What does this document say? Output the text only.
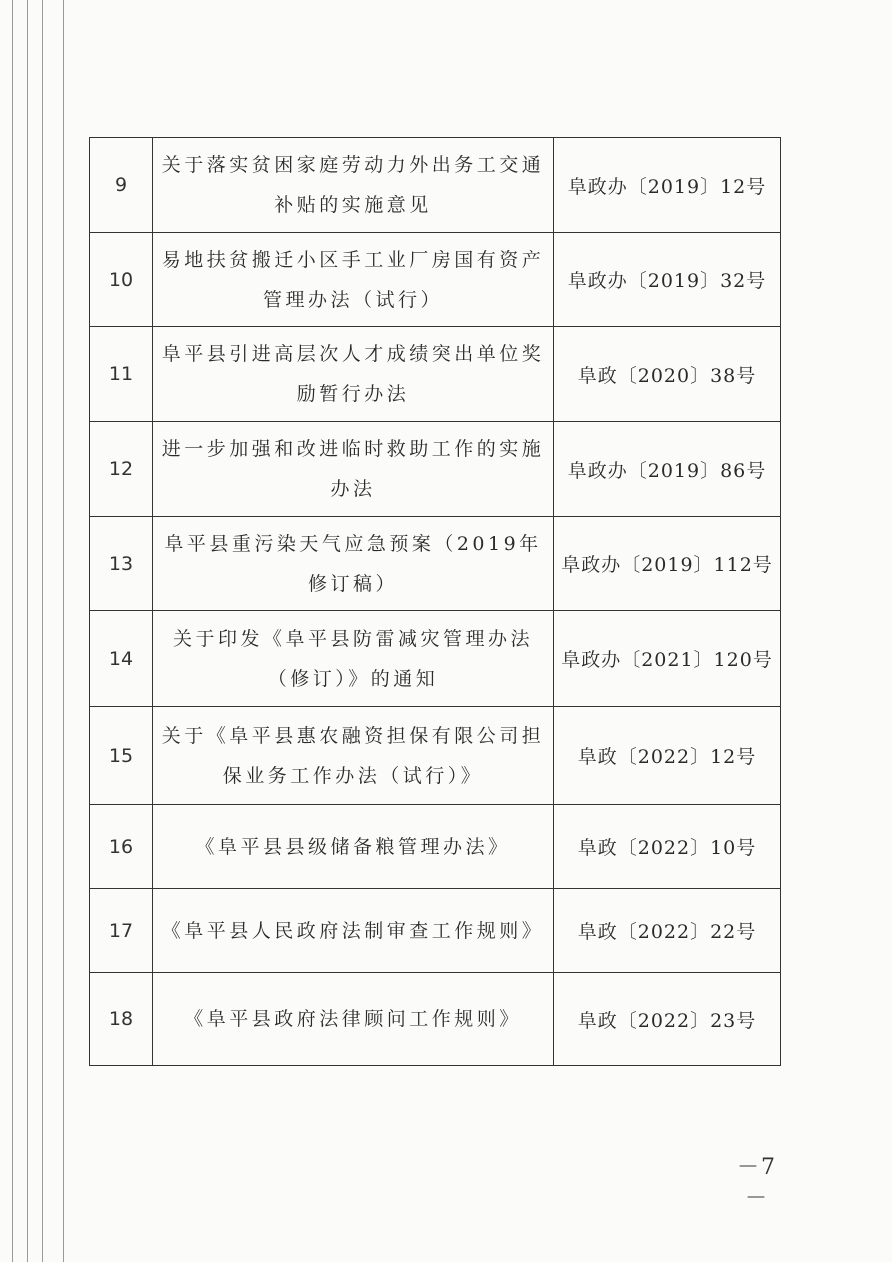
9	关于落实贫困家庭劳动力外出务工交通补贴的实施意见	阜政办〔2019〕12号
10	易地扶贫搬迁小区手工业厂房国有资产管理办法（试行）	阜政办〔2019〕32号
11	阜平县引进高层次人才成绩突出单位奖励暂行办法	阜政〔2020〕38号
12	进一步加强和改进临时救助工作的实施办法	阜政办〔2019〕86号
13	阜平县重污染天气应急预案（2019年修订稿）	阜政办〔2019〕112号
14	关于印发《阜平县防雷减灾管理办法（修订）》的通知	阜政办〔2021〕120号
15	关于《阜平县惠农融资担保有限公司担保业务工作办法（试行）》	阜政〔2022〕12号
16	《阜平县县级储备粮管理办法》	阜政〔2022〕10号
17	《阜平县人民政府法制审查工作规则》	阜政〔2022〕22号
18	《阜平县政府法律顾问工作规则》	阜政〔2022〕23号
－7－
